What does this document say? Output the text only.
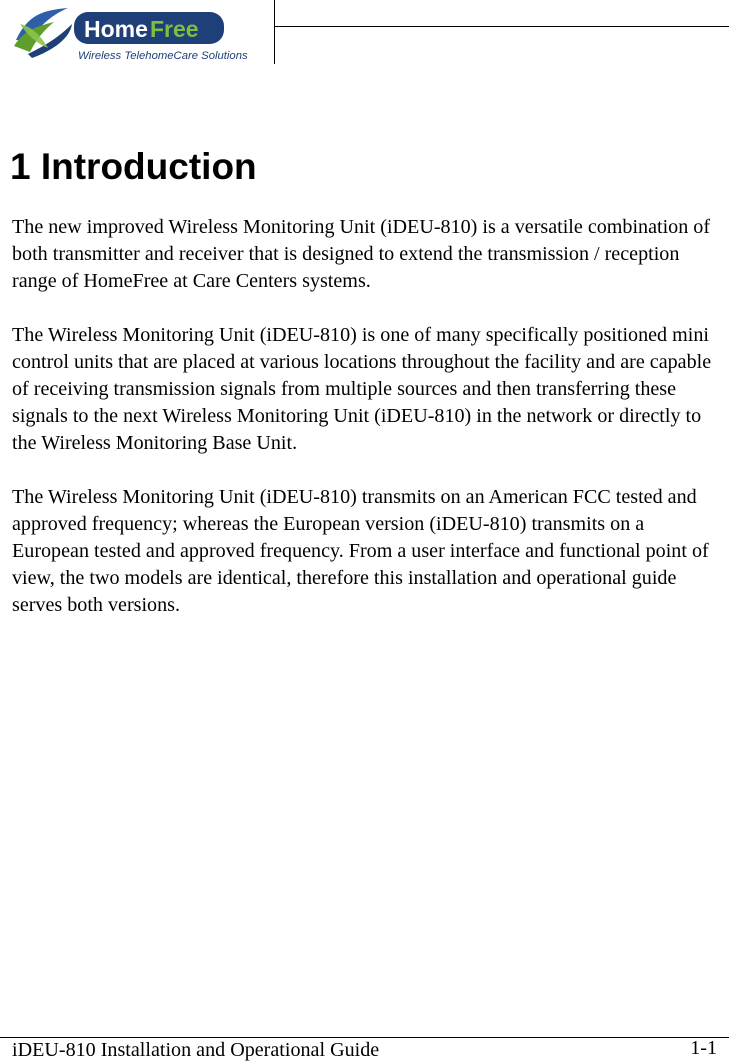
Home Free
Wireless TelehomeCare Solutions
1 Introduction

The new improved Wireless Monitoring Unit (iDEU-810) is a versatile combination of both transmitter and receiver that is designed to extend the transmission / reception range of HomeFree at Care Centers systems.

The Wireless Monitoring Unit (iDEU-810) is one of many specifically positioned mini control units that are placed at various locations throughout the facility and are capable of receiving transmission signals from multiple sources and then transferring these signals to the next Wireless Monitoring Unit (iDEU-810) in the network or directly to the Wireless Monitoring Base Unit.

The Wireless Monitoring Unit (iDEU-810) transmits on an American FCC tested and approved frequency; whereas the European version (iDEU-810) transmits on a European tested and approved frequency. From a user interface and functional point of view, the two models are identical, therefore this installation and operational guide serves both versions.

iDEU-810 Installation and Operational Guide	1-1
